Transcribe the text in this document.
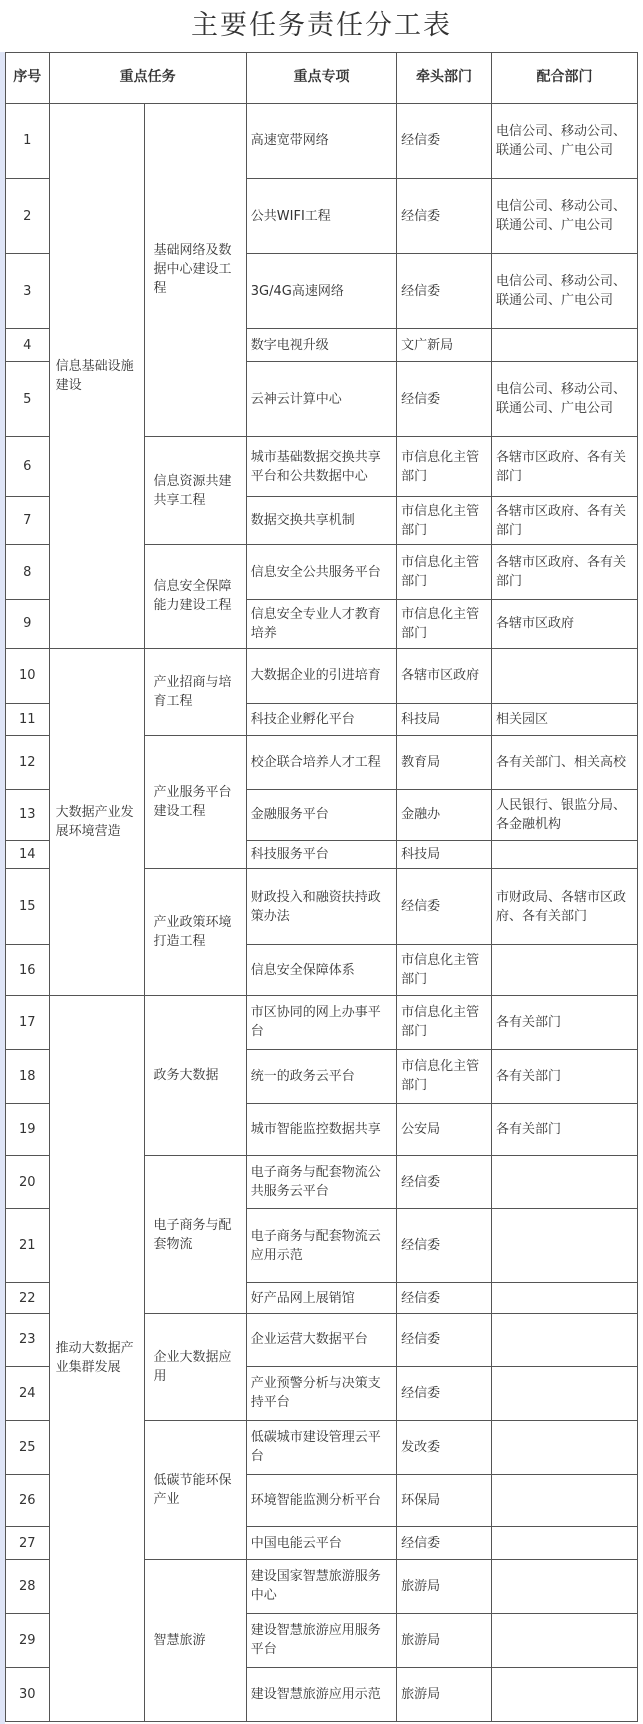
主要任务责任分工表
序号	重点任务		重点专项	牵头部门	配合部门
1	信息基础设施建设	基础网络及数据中心建设工程	高速宽带网络	经信委	电信公司、移动公司、联通公司、广电公司
2			公共WIFI工程	经信委	电信公司、移动公司、联通公司、广电公司
3			3G/4G高速网络	经信委	电信公司、移动公司、联通公司、广电公司
4			数字电视升级	文广新局	
5			云神云计算中心	经信委	电信公司、移动公司、联通公司、广电公司
6		信息资源共建共享工程	城市基础数据交换共享平台和公共数据中心	市信息化主管部门	各辖市区政府、各有关部门
7			数据交换共享机制	市信息化主管部门	各辖市区政府、各有关部门
8		信息安全保障能力建设工程	信息安全公共服务平台	市信息化主管部门	各辖市区政府、各有关部门
9			信息安全专业人才教育培养	市信息化主管部门	各辖市区政府
10	大数据产业发展环境营造	产业招商与培育工程	大数据企业的引进培育	各辖市区政府	
11			科技企业孵化平台	科技局	相关园区
12		产业服务平台建设工程	校企联合培养人才工程	教育局	各有关部门、相关高校
13			金融服务平台	金融办	人民银行、银监分局、各金融机构
14			科技服务平台	科技局	
15		产业政策环境打造工程	财政投入和融资扶持政策办法	经信委	市财政局、各辖市区政府、各有关部门
16			信息安全保障体系	市信息化主管部门	
17	推动大数据产业集群发展	政务大数据	市区协同的网上办事平台	市信息化主管部门	各有关部门
18			统一的政务云平台	市信息化主管部门	各有关部门
19			城市智能监控数据共享	公安局	各有关部门
20		电子商务与配套物流	电子商务与配套物流公共服务云平台	经信委	
21			电子商务与配套物流云应用示范	经信委	
22			好产品网上展销馆	经信委	
23		企业大数据应用	企业运营大数据平台	经信委	
24			产业预警分析与决策支持平台	经信委	
25		低碳节能环保产业	低碳城市建设管理云平台	发改委	
26			环境智能监测分析平台	环保局	
27			中国电能云平台	经信委	
28		智慧旅游	建设国家智慧旅游服务中心	旅游局	
29			建设智慧旅游应用服务平台	旅游局	
30			建设智慧旅游应用示范	旅游局	
